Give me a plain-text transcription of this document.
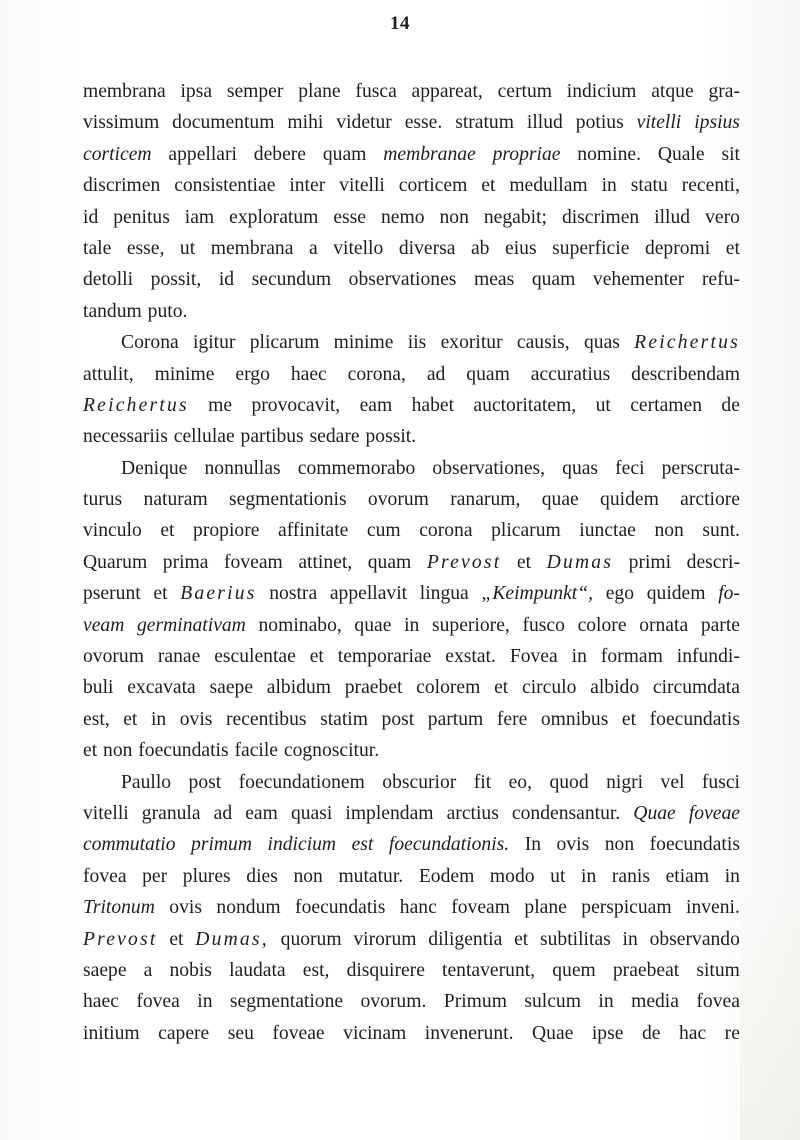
14
membrana ipsa semper plane fusca appareat, certum indicium atque gra-
vissimum documentum mihi videtur esse. stratum illud potius vitelli ipsius
corticem appellari debere quam membranae propriae nomine. Quale sit
discrimen consistentiae inter vitelli corticem et medullam in statu recenti,
id penitus iam exploratum esse nemo non negabit; discrimen illud vero
tale esse, ut membrana a vitello diversa ab eius superficie depromi et
detolli possit, id secundum observationes meas quam vehementer refu-
tandum puto.
Corona igitur plicarum minime iis exoritur causis, quas Reichertus
attulit, minime ergo haec corona, ad quam accuratius describendam
Reichertus me provocavit, eam habet auctoritatem, ut certamen de
necessariis cellulae partibus sedare possit.
Denique nonnullas commemorabo observationes, quas feci perscruta-
turus naturam segmentationis ovorum ranarum, quae quidem arctiore
vinculo et propiore affinitate cum corona plicarum iunctae non sunt.
Quarum prima foveam attinet, quam Prevost et Dumas primi descri-
pserunt et Baerius nostra appellavit lingua „Keimpunkt“, ego quidem fo-
veam germinativam nominabo, quae in superiore, fusco colore ornata parte
ovorum ranae esculentae et temporariae exstat. Fovea in formam infundi-
buli excavata saepe albidum praebet colorem et circulo albido circumdata
est, et in ovis recentibus statim post partum fere omnibus et foecundatis
et non foecundatis facile cognoscitur.
Paullo post foecundationem obscurior fit eo, quod nigri vel fusci
vitelli granula ad eam quasi implendam arctius condensantur. Quae foveae
commutatio primum indicium est foecundationis. In ovis non foecundatis
fovea per plures dies non mutatur. Eodem modo ut in ranis etiam in
Tritonum ovis nondum foecundatis hanc foveam plane perspicuam inveni.
Prevost et Dumas, quorum virorum diligentia et subtilitas in observando
saepe a nobis laudata est, disquirere tentaverunt, quem praebeat situm
haec fovea in segmentatione ovorum. Primum sulcum in media fovea
initium capere seu foveae vicinam invenerunt. Quae ipse de hac re
